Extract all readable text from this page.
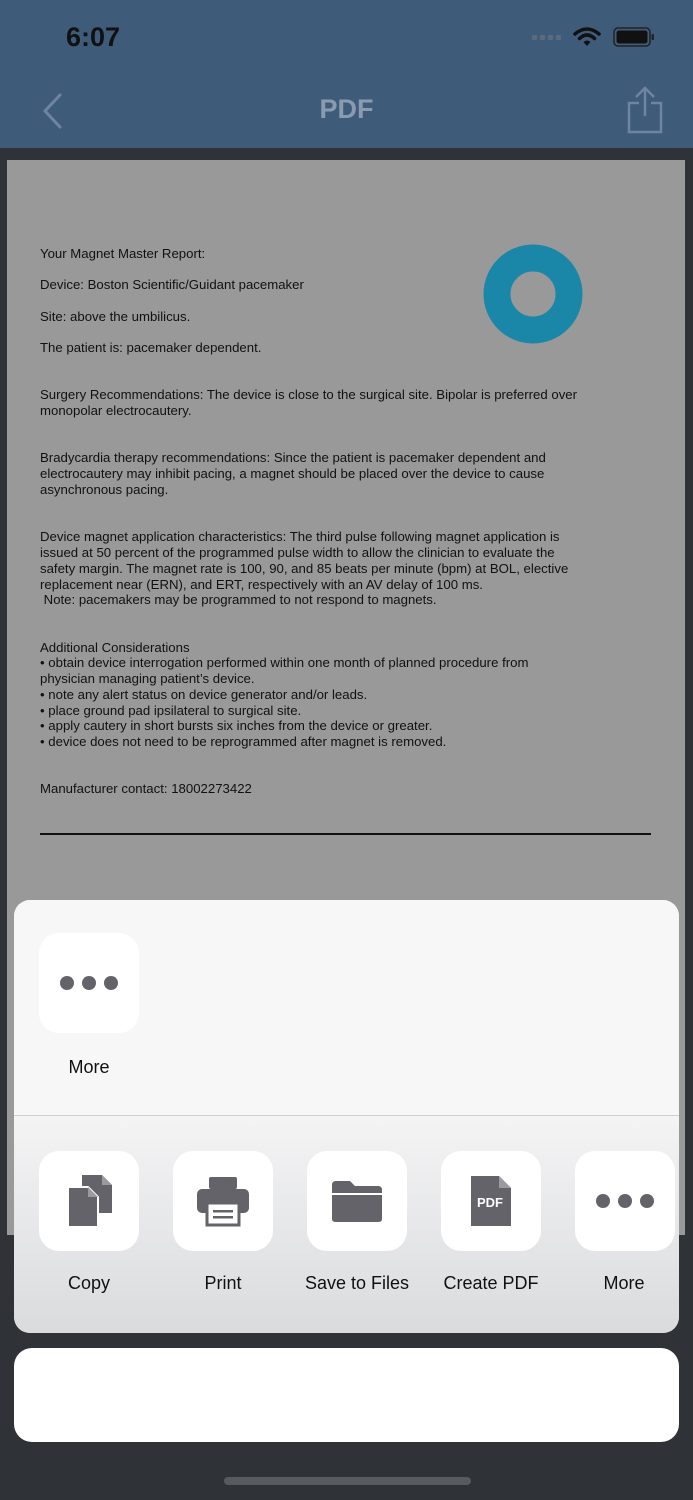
6:07
PDF

Your Magnet Master Report:

Device: Boston Scientific/Guidant pacemaker

Site: above the umbilicus.

The patient is: pacemaker dependent.

Surgery Recommendations: The device is close to the surgical site. Bipolar is preferred over

monopolar electrocautery.

Bradycardia therapy recommendations: Since the patient is pacemaker dependent and

electrocautery may inhibit pacing, a magnet should be placed over the device to cause

asynchronous pacing.

Device magnet application characteristics: The third pulse following magnet application is

issued at 50 percent of the programmed pulse width to allow the clinician to evaluate the

safety margin. The magnet rate is 100, 90, and 85 beats per minute (bpm) at BOL, elective

replacement near (ERN), and ERT, respectively with an AV delay of 100 ms.

Note: pacemakers may be programmed to not respond to magnets.

Additional Considerations

• obtain device interrogation performed within one month of planned procedure from

physician managing patient’s device.

• note any alert status on device generator and/or leads.

• place ground pad ipsilateral to surgical site.

• apply cautery in short bursts six inches from the device or greater.

• device does not need to be reprogrammed after magnet is removed.

Manufacturer contact: 18002273422

More
Copy	Print	Save to Files
PDF
Create PDF	More
